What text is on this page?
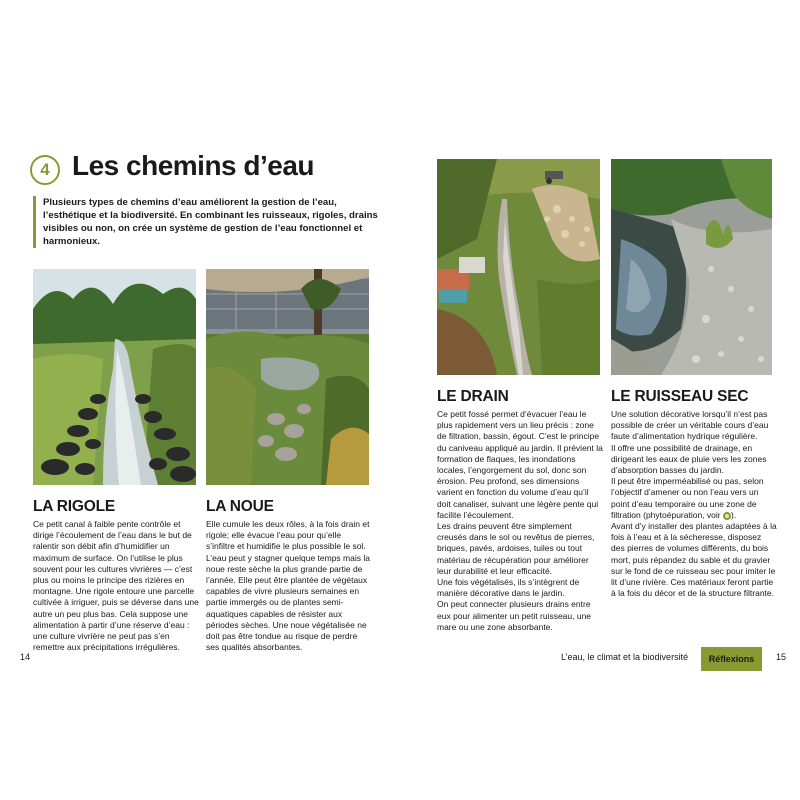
4 Les chemins d’eau
Plusieurs types de chemins d’eau améliorent la gestion de l’eau, l’esthétique et la biodiversité. En combinant les ruisseaux, rigoles, drains visibles ou non, on crée un système de gestion de l’eau fonctionnel et harmonieux.
LA RIGOLE

Ce petit canal à faible pente contrôle et dirige l’écoulement de l’eau dans le but de ralentir son débit afin d’humidifier un maximum de surface. On l’utilise le plus souvent pour les cultures vivrières — c’est plus ou moins le principe des rizières en montagne. Une rigole entoure une parcelle cultivée à irriguer, puis se déverse dans une autre un peu plus bas. Cela suppose une alimentation à partir d’une réserve d’eau : une culture vivrière ne peut pas s’en remettre aux précipitations irrégulières.

LA NOUE

Elle cumule les deux rôles, à la fois drain et rigole; elle évacue l’eau pour qu’elle s’infiltre et humidifie le plus possible le sol. L’eau peut y stagner quelque temps mais la noue reste sèche la plus grande partie de l’année. Elle peut être plantée de végétaux capables de vivre plusieurs semaines en partie immergés ou de plantes semi-aquatiques capables de résister aux périodes sèches. Une noue végétalisée ne doit pas être tondue au risque de perdre ses qualités absorbantes.

14
LE DRAIN

Ce petit fossé permet d’évacuer l’eau le plus rapidement vers un lieu précis : zone de filtration, bassin, égout. C’est le principe du caniveau appliqué au jardin. Il prévient la formation de flaques, les inondations locales, l’engorgement du sol, donc son érosion. Peu profond, ses dimensions varient en fonction du volume d’eau qu’il doit canaliser, suivant une légère pente qui facilite l’écoulement.

Les drains peuvent être simplement creusés dans le sol ou revêtus de pierres, briques, pavés, ardoises, tuiles ou tout matériau de récupération pour améliorer leur durabilité et leur efficacité.

Une fois végétalisés, ils s’intègrent de manière décorative dans le jardin.

On peut connecter plusieurs drains entre eux pour alimenter un petit ruisseau, une mare ou une zone absorbante.

LE RUISSEAU SEC

Une solution décorative lorsqu’il n’est pas possible de créer un véritable cours d’eau faute d’alimentation hydrique régulière.

Il offre une possibilité de drainage, en dirigeant les eaux de pluie vers les zones d’absorption basses du jardin.

Il peut être imperméabilisé ou pas, selon l’objectif d’amener ou non l’eau vers un point d’eau temporaire ou une zone de filtration (phytoépuration, voir ).

Avant d’y installer des plantes adaptées à la fois à l’eau et à la sécheresse, disposez des pierres de volumes différents, du bois mort, puis répandez du sable et du gravier sur le fond de ce ruisseau sec pour imiter le lit d’une rivière. Ces matériaux feront partie à la fois du décor et de la structure filtrante.

L’eau, le climat et la biodiversité	Réflexions	15
